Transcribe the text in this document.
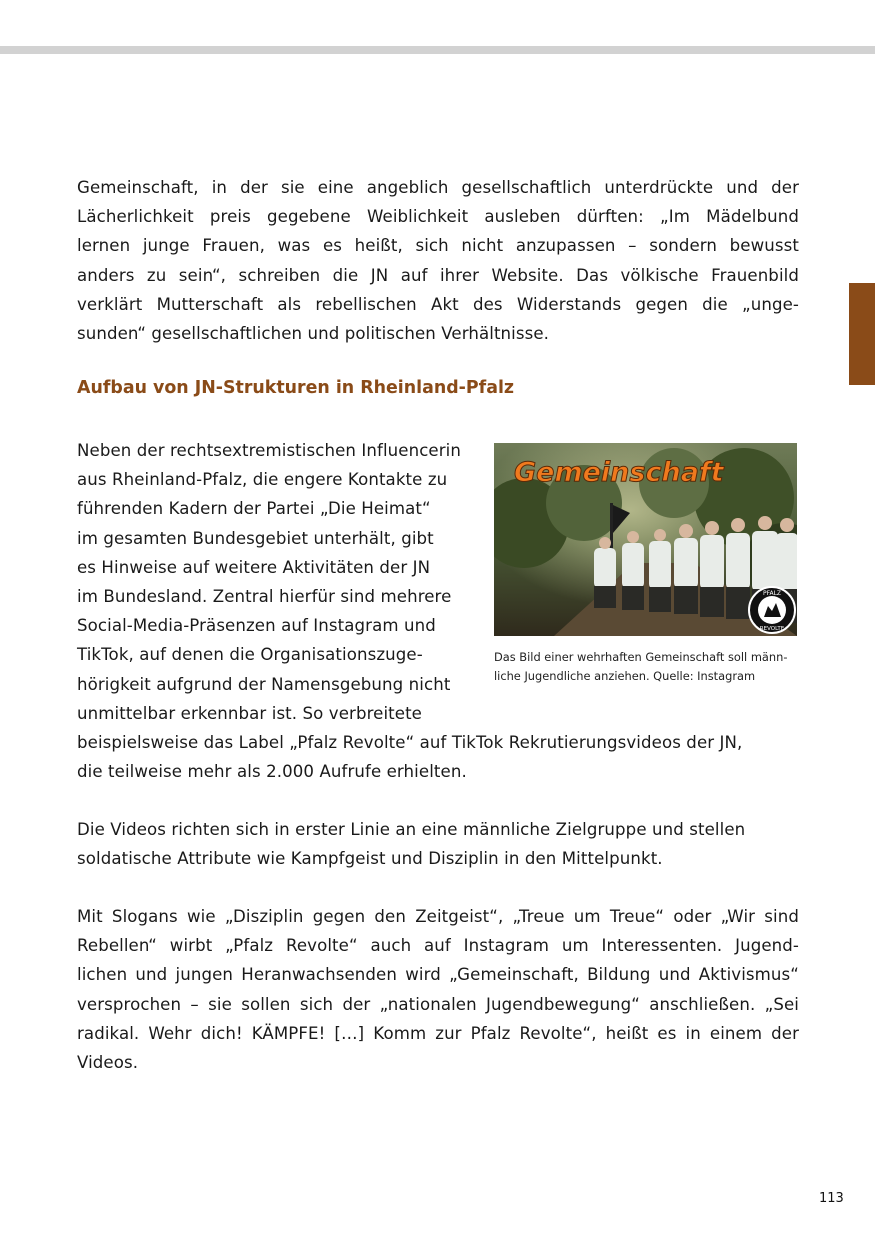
Gemeinschaft, in der sie eine angeblich gesellschaftlich unterdrückte und der
Lächerlichkeit preis gegebene Weiblichkeit ausleben dürften: „Im Mädelbund
lernen junge Frauen, was es heißt, sich nicht anzupassen – sondern bewusst
anders zu sein“, schreiben die JN auf ihrer Website. Das völkische Frauenbild
verklärt Mutterschaft als rebellischen Akt des Widerstands gegen die „unge-
sunden“ gesellschaftlichen und politischen Verhältnisse.
Aufbau von JN-Strukturen in Rheinland-Pfalz
Neben der rechtsextremistischen Influencerin
aus Rheinland-Pfalz, die engere Kontakte zu
führenden Kadern der Partei „Die Heimat“
im gesamten Bundesgebiet unterhält, gibt
es Hinweise auf weitere Aktivitäten der JN
im Bundesland. Zentral hierfür sind mehrere
Social-Media-Präsenzen auf Instagram und
TikTok, auf denen die Organisationszuge-
hörigkeit aufgrund der Namensgebung nicht
unmittelbar erkennbar ist. So verbreitete
beispielsweise das Label „Pfalz Revolte“ auf TikTok Rekrutierungsvideos der JN,
die teilweise mehr als 2.000 Aufrufe erhielten.
Die Videos richten sich in erster Linie an eine männliche Zielgruppe und stellen
soldatische Attribute wie Kampfgeist und Disziplin in den Mittelpunkt.
Mit Slogans wie „Disziplin gegen den Zeitgeist“, „Treue um Treue“ oder „Wir sind
Rebellen“ wirbt „Pfalz Revolte“ auch auf Instagram um Interessenten. Jugend-
lichen und jungen Heranwachsenden wird „Gemeinschaft, Bildung und Aktivismus“
versprochen – sie sollen sich der „nationalen Jugendbewegung“ anschließen. „Sei
radikal. Wehr dich! KÄMPFE! […] Komm zur Pfalz Revolte“, heißt es in einem der
Videos.
Gemeinschaft
PFALZ
REVOLTE
Das Bild einer wehrhaften Gemeinschaft soll männ-
liche Jugendliche anziehen. Quelle: Instagram
113
